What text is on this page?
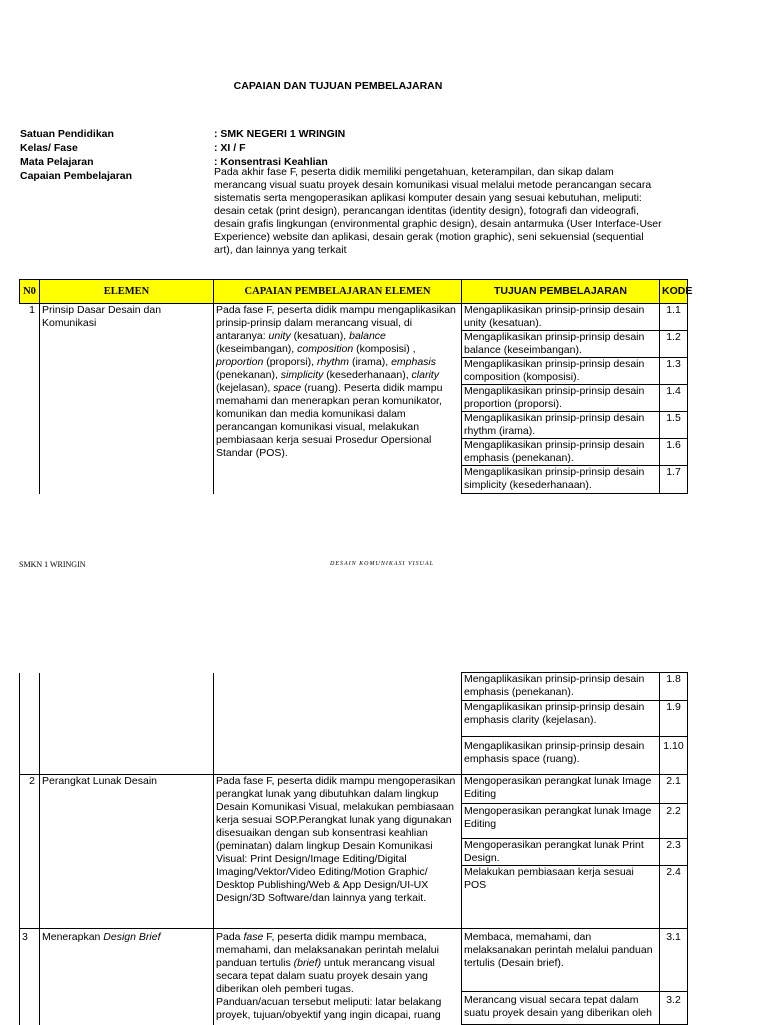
CAPAIAN DAN TUJUAN PEMBELAJARAN
Satuan Pendidikan	: SMK NEGERI 1 WRINGIN
Kelas/ Fase	: XI / F
Mata Pelajaran	: Konsentrasi Keahlian
Capaian Pembelajaran	Pada akhir fase F, peserta didik memiliki pengetahuan, keterampilan, dan sikap dalam merancang visual suatu proyek desain komunikasi visual melalui metode perancangan secara sistematis serta mengoperasikan aplikasi komputer desain yang sesuai kebutuhan, meliputi: desain cetak (print design), perancangan identitas (identity design), fotografi dan videografi, desain grafis lingkungan (environmental graphic design), desain antarmuka (User Interface-User Experience) website dan aplikasi, desain gerak (motion graphic), seni sekuensial (sequential art), dan lainnya yang terkait
N0	ELEMEN	CAPAIAN PEMBELAJARAN ELEMEN	TUJUAN PEMBELAJARAN	KODE
1	Prinsip Dasar Desain dan Komunikasi	Pada fase F, peserta didik mampu mengaplikasikan prinsip-prinsip dalam merancang visual, di antaranya: unity (kesatuan), balance (keseimbangan), composition (komposisi) , proportion (proporsi), rhythm (irama), emphasis (penekanan), simplicity (kesederhanaan), clarity (kejelasan), space (ruang). Peserta didik mampu memahami dan menerapkan peran komunikator, komunikan dan media komunikasi dalam perancangan komunikasi visual, melakukan pembiasaan kerja sesuai Prosedur Opersional Standar (POS).	Mengaplikasikan prinsip-prinsip desain unity (kesatuan).	1.1
			Mengaplikasikan prinsip-prinsip desain balance (keseimbangan).	1.2
			Mengaplikasikan prinsip-prinsip desain composition (komposisi).	1.3
			Mengaplikasikan prinsip-prinsip desain proportion (proporsi).	1.4
			Mengaplikasikan prinsip-prinsip desain rhythm (irama).	1.5
			Mengaplikasikan prinsip-prinsip desain emphasis (penekanan).	1.6
			Mengaplikasikan prinsip-prinsip desain simplicity (kesederhanaan).	1.7
SMKN 1 WRINGIN	DESAIN KOMUNIKASI VISUAL
			Mengaplikasikan prinsip-prinsip desain emphasis (penekanan).	1.8
			Mengaplikasikan prinsip-prinsip desain emphasis clarity (kejelasan).	1.9
			Mengaplikasikan prinsip-prinsip desain emphasis space (ruang).	1.10
2	Perangkat Lunak Desain	Pada fase F, peserta didik mampu mengoperasikan perangkat lunak yang dibutuhkan dalam lingkup Desain Komunikasi Visual, melakukan pembiasaan kerja sesuai SOP.Perangkat lunak yang digunakan disesuaikan dengan sub konsentrasi keahlian (peminatan) dalam lingkup Desain Komunikasi Visual: Print Design/Image Editing/Digital Imaging/Vektor/Video Editing/Motion Graphic/ Desktop Publishing/Web & App Design/UI-UX Design/3D Software/dan lainnya yang terkait.	Mengoperasikan perangkat lunak Image Editing	2.1
			Mengoperasikan perangkat lunak Image Editing	2.2
			Mengoperasikan perangkat lunak Print Design.	2.3
			Melakukan pembiasaan kerja sesuai POS	2.4
3	Menerapkan Design Brief	Pada fase F, peserta didik mampu membaca, memahami, dan melaksanakan perintah melalui panduan tertulis (brief) untuk merancang visual secara tepat dalam suatu proyek desain yang diberikan oleh pemberi tugas.
Panduan/acuan tersebut meliputi: latar belakang proyek, tujuan/obyektif yang ingin dicapai, ruang	Membaca, memahami, dan melaksanakan perintah melalui panduan tertulis (Desain brief).	3.1
			Merancang visual secara tepat dalam suatu proyek desain yang diberikan oleh	3.2
